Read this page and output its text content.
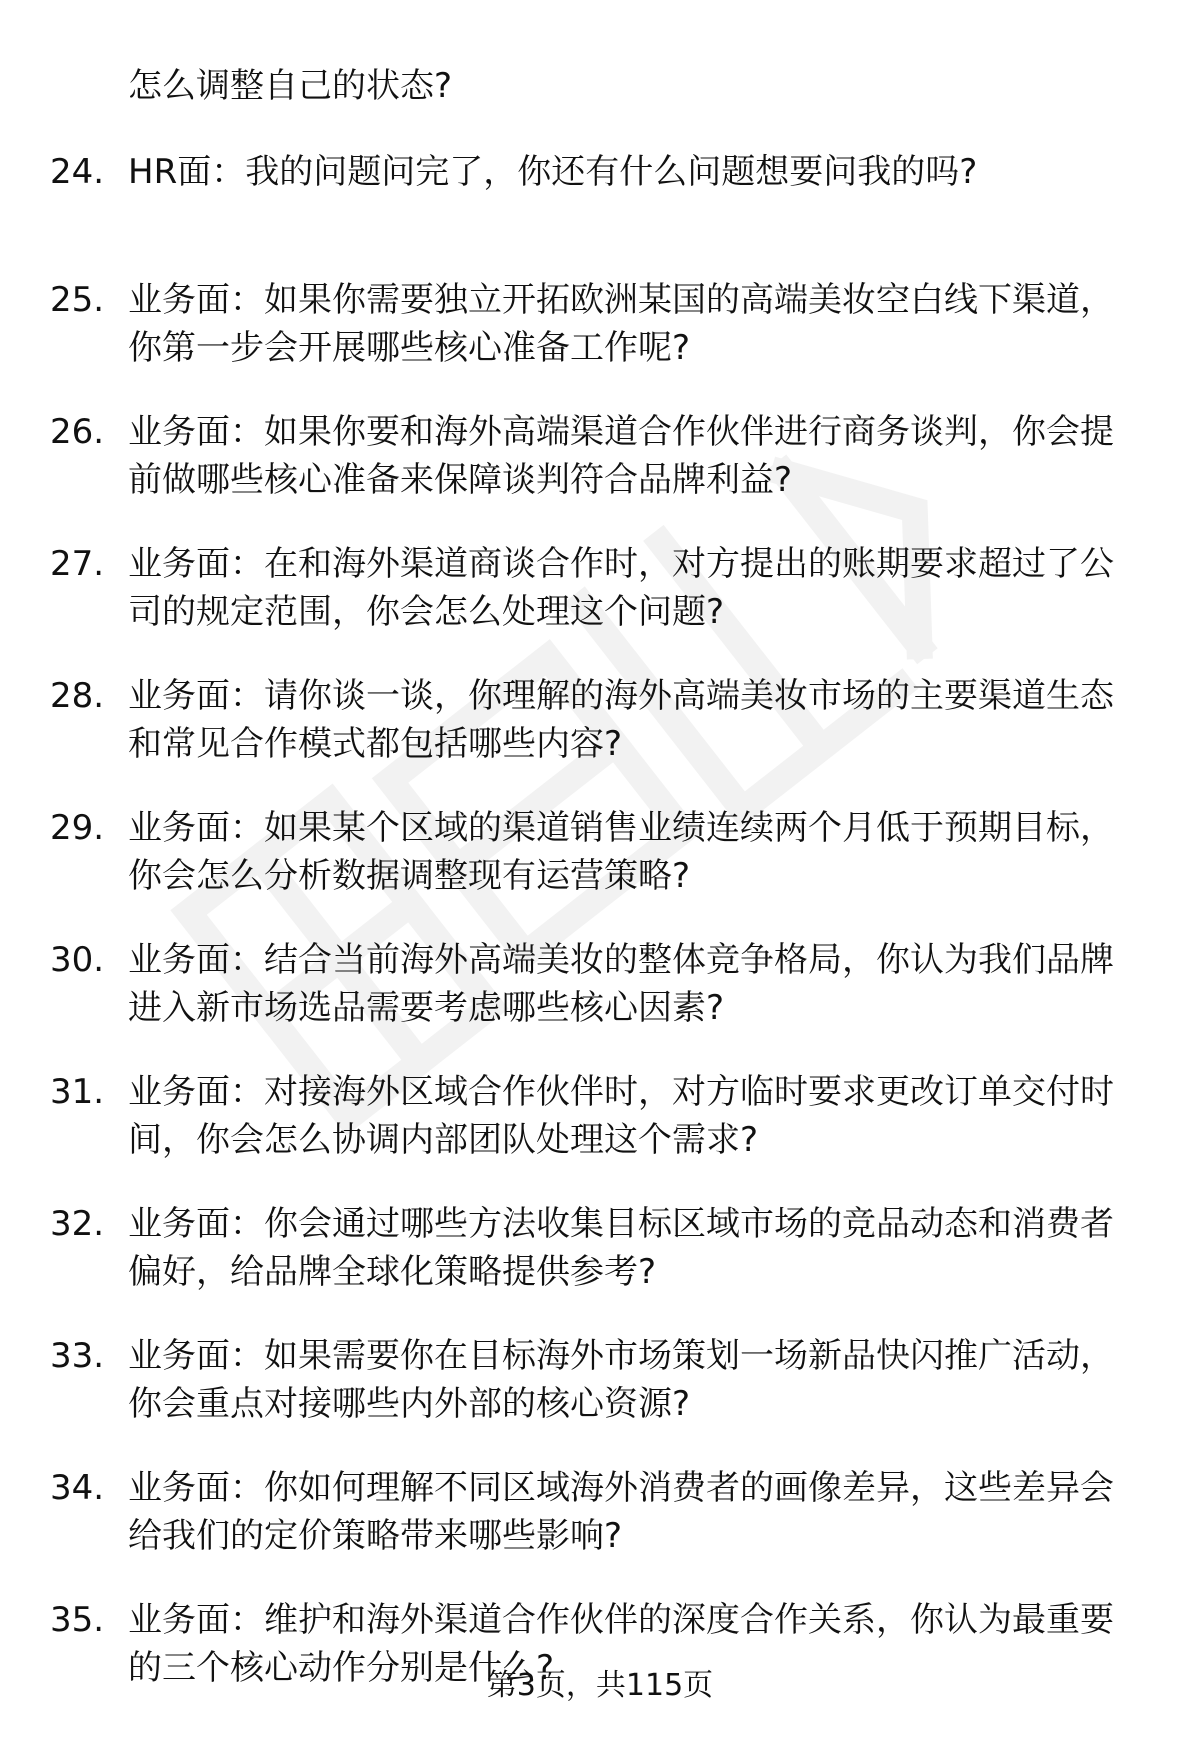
怎么调整自己的状态?

24. HR面：我的问题问完了，你还有什么问题想要问我的吗?
25. 业务面：如果你需要独立开拓欧洲某国的高端美妆空白线下渠道，你第一步会开展哪些核心准备工作呢?
26. 业务面：如果你要和海外高端渠道合作伙伴进行商务谈判，你会提前做哪些核心准备来保障谈判符合品牌利益?
27. 业务面：在和海外渠道商谈合作时，对方提出的账期要求超过了公司的规定范围，你会怎么处理这个问题?
28. 业务面：请你谈一谈，你理解的海外高端美妆市场的主要渠道生态和常见合作模式都包括哪些内容?
29. 业务面：如果某个区域的渠道销售业绩连续两个月低于预期目标，你会怎么分析数据调整现有运营策略?
30. 业务面：结合当前海外高端美妆的整体竞争格局，你认为我们品牌进入新市场选品需要考虑哪些核心因素?
31. 业务面：对接海外区域合作伙伴时，对方临时要求更改订单交付时间，你会怎么协调内部团队处理这个需求?
32. 业务面：你会通过哪些方法收集目标区域市场的竞品动态和消费者偏好，给品牌全球化策略提供参考?
33. 业务面：如果需要你在目标海外市场策划一场新品快闪推广活动，你会重点对接哪些内外部的核心资源?
34. 业务面：你如何理解不同区域海外消费者的画像差异，这些差异会给我们的定价策略带来哪些影响?
35. 业务面：维护和海外渠道合作伙伴的深度合作关系，你认为最重要的三个核心动作分别是什么?
第3页，共115页
